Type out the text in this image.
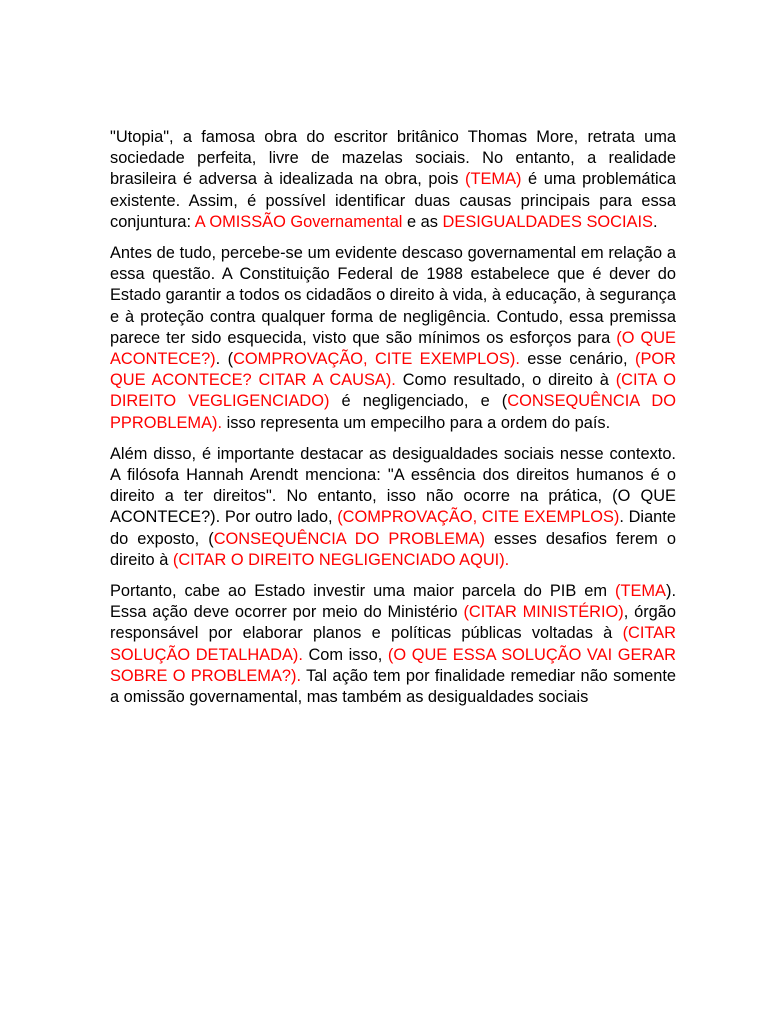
"Utopia", a famosa obra do escritor britânico Thomas More, retrata uma sociedade perfeita, livre de mazelas sociais. No entanto, a realidade brasileira é adversa à idealizada na obra, pois (TEMA) é uma problemática existente. Assim, é possível identificar duas causas principais para essa conjuntura: A OMISSÃO Governamental e as DESIGUALDADES SOCIAIS.

Antes de tudo, percebe-se um evidente descaso governamental em relação a essa questão. A Constituição Federal de 1988 estabelece que é dever do Estado garantir a todos os cidadãos o direito à vida, à educação, à segurança e à proteção contra qualquer forma de negligência. Contudo, essa premissa parece ter sido esquecida, visto que são mínimos os esforços para (O QUE ACONTECE?). (COMPROVAÇÃO, CITE EXEMPLOS). esse cenário, (POR QUE ACONTECE? CITAR A CAUSA). Como resultado, o direito à (CITA O DIREITO VEGLIGENCIADO) é negligenciado, e (CONSEQUÊNCIA DO PPROBLEMA). isso representa um empecilho para a ordem do país.

Além disso, é importante destacar as desigualdades sociais nesse contexto. A filósofa Hannah Arendt menciona: "A essência dos direitos humanos é o direito a ter direitos". No entanto, isso não ocorre na prática, (O QUE ACONTECE?). Por outro lado, (COMPROVAÇÃO, CITE EXEMPLOS). Diante do exposto, (CONSEQUÊNCIA DO PROBLEMA) esses desafios ferem o direito à (CITAR O DIREITO NEGLIGENCIADO AQUI).

Portanto, cabe ao Estado investir uma maior parcela do PIB em (TEMA). Essa ação deve ocorrer por meio do Ministério (CITAR MINISTÉRIO), órgão responsável por elaborar planos e políticas públicas voltadas à (CITAR SOLUÇÃO DETALHADA). Com isso, (O QUE ESSA SOLUÇÃO VAI GERAR SOBRE O PROBLEMA?). Tal ação tem por finalidade remediar não somente a omissão governamental, mas também as desigualdades sociais
